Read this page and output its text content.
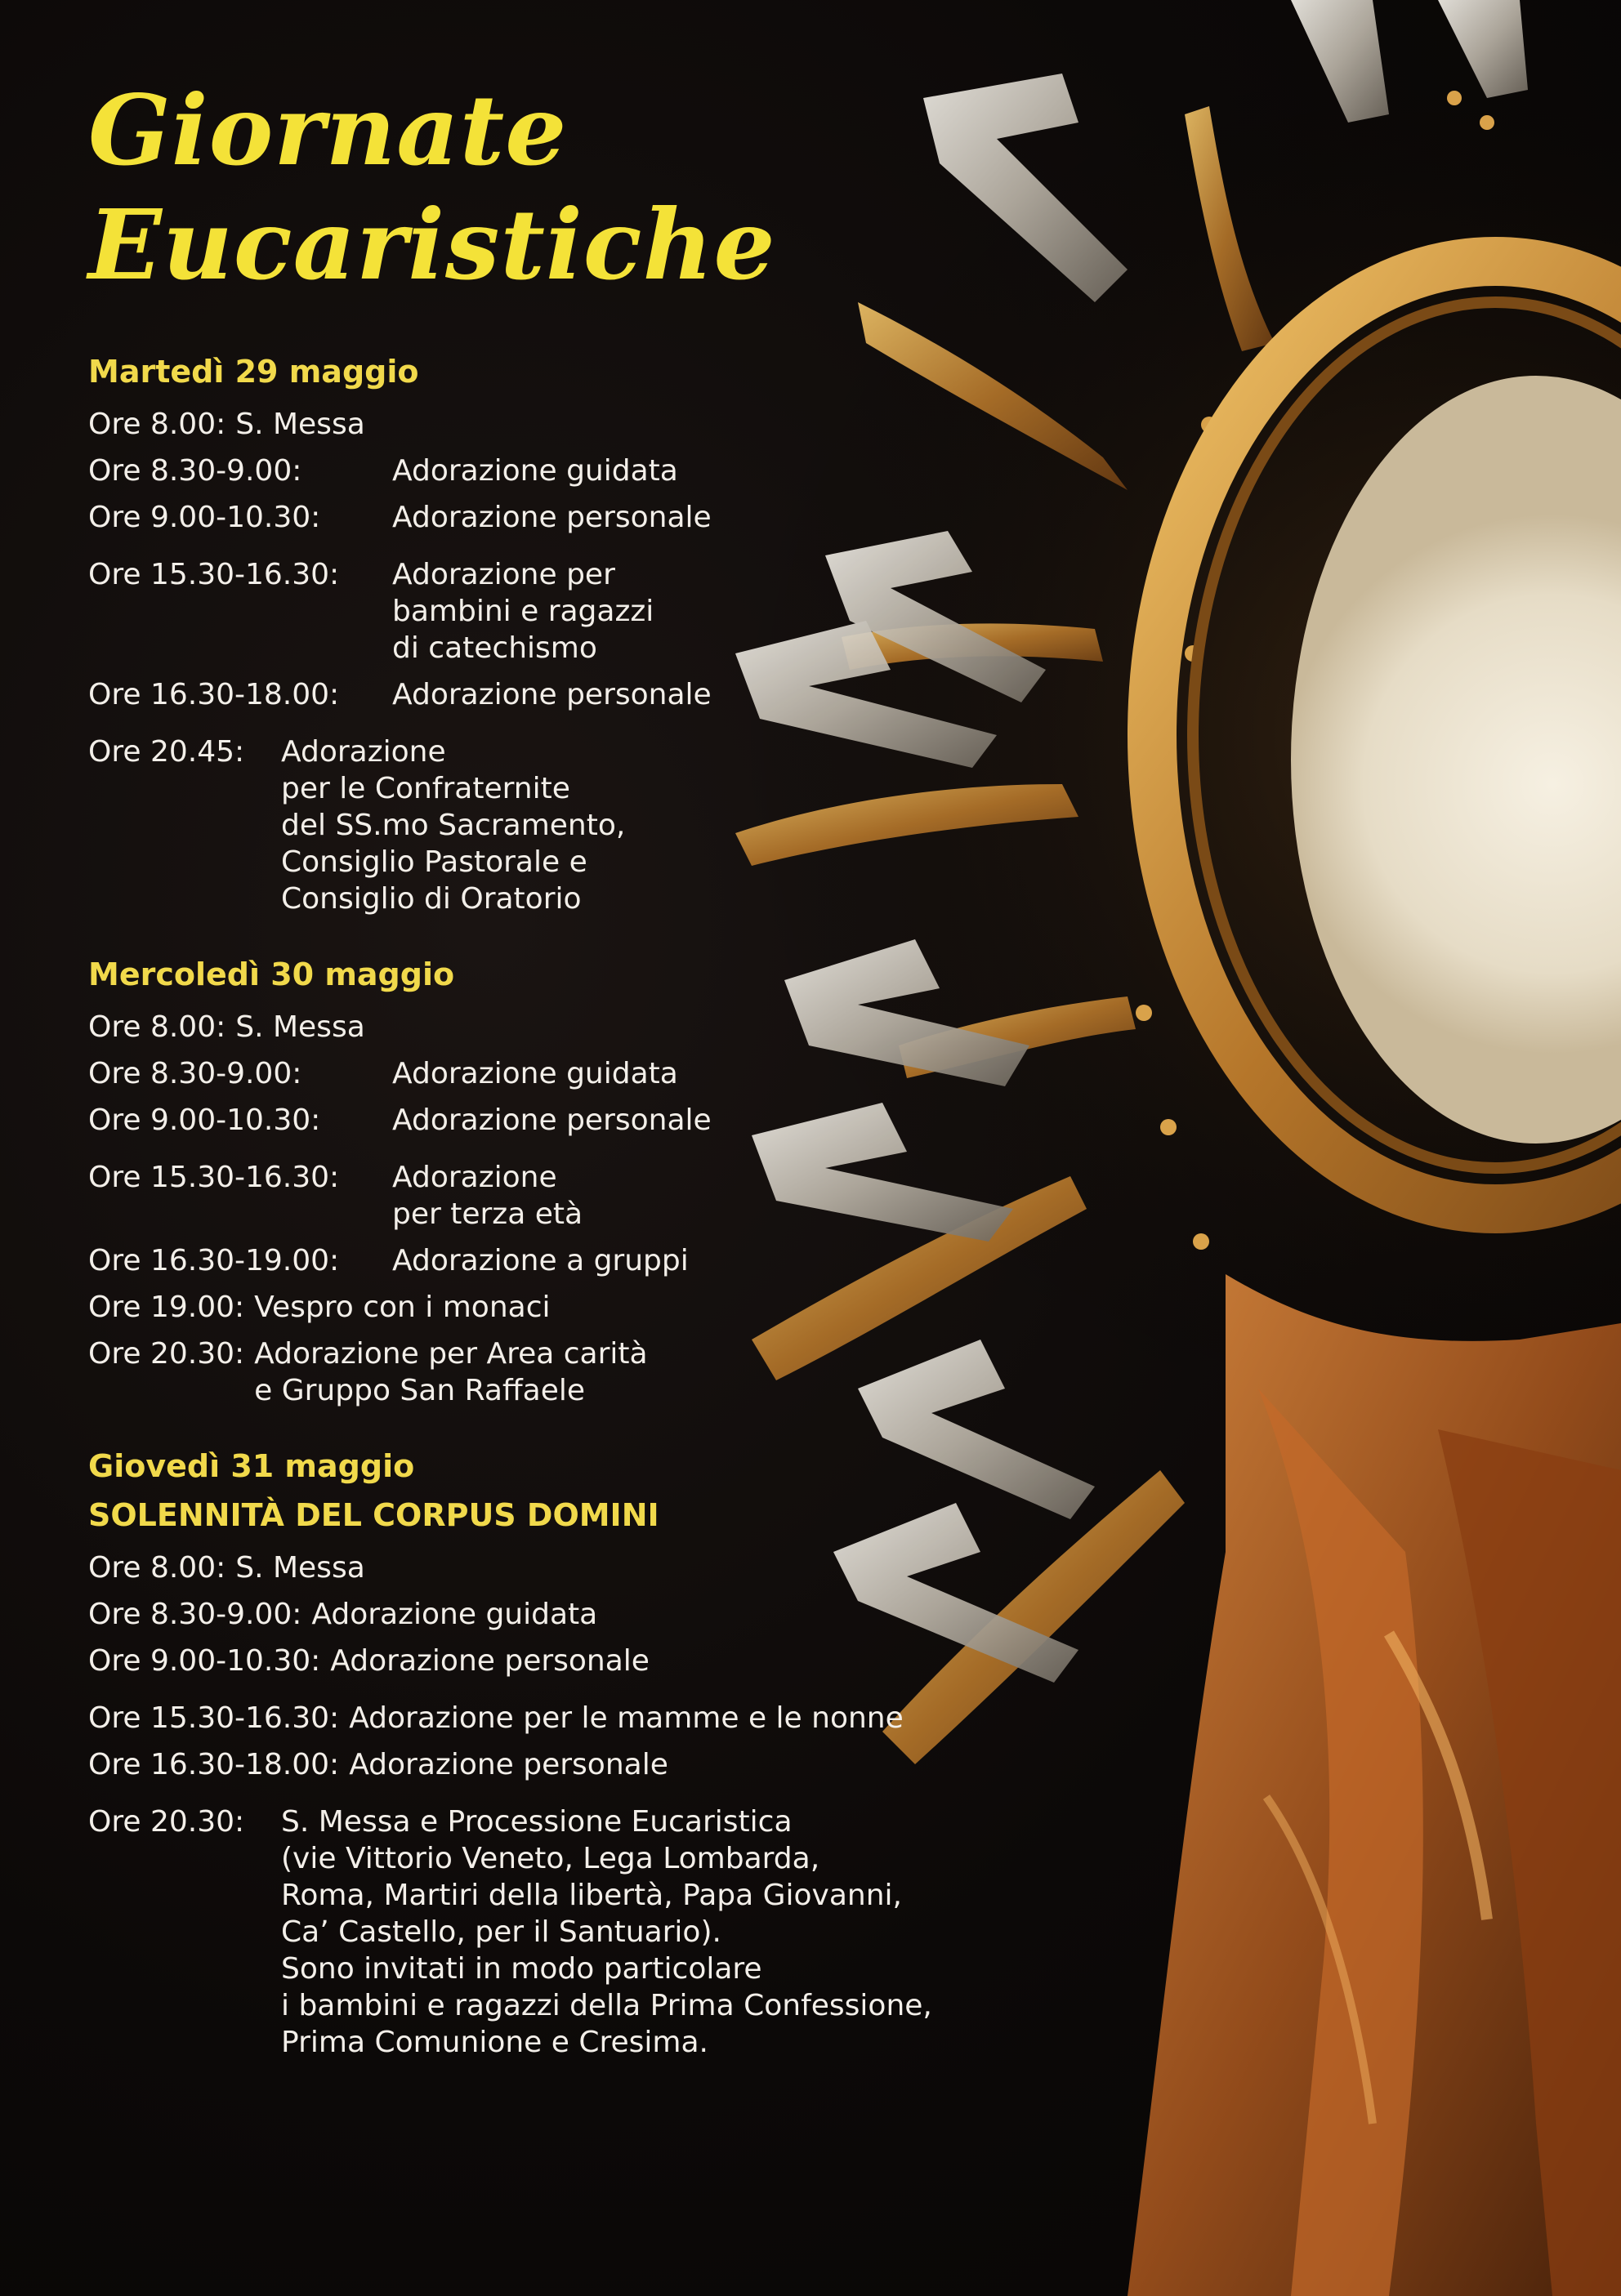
Giornate
Eucaristiche
Martedì 29 maggio
Ore 8.00: S. Messa
Ore 8.30-9.00:	Adorazione guidata
Ore 9.00-10.30:	Adorazione personale
Ore 15.30-16.30:	Adorazione per
bambini e ragazzi
di catechismo
Ore 16.30-18.00:	Adorazione personale
Ore 20.45:	Adorazione
per le Confraternite
del SS.mo Sacramento,
Consiglio Pastorale e
Consiglio di Oratorio
Mercoledì 30 maggio
Ore 8.00: S. Messa
Ore 8.30-9.00:	Adorazione guidata
Ore 9.00-10.30:	Adorazione personale
Ore 15.30-16.30:	Adorazione
per terza età
Ore 16.30-19.00:	Adorazione a gruppi
Ore 19.00: Vespro con i monaci
Ore 20.30: Adorazione per Area carità
e Gruppo San Raffaele
Giovedì 31 maggio
SOLENNITÀ DEL CORPUS DOMINI
Ore 8.00: S. Messa
Ore 8.30-9.00: Adorazione guidata
Ore 9.00-10.30: Adorazione personale
Ore 15.30-16.30: Adorazione per le mamme e le nonne
Ore 16.30-18.00: Adorazione personale
Ore 20.30:	S. Messa e Processione Eucaristica
(vie Vittorio Veneto, Lega Lombarda,
Roma, Martiri della libertà, Papa Giovanni,
Ca’ Castello, per il Santuario).
Sono invitati in modo particolare
i bambini e ragazzi della Prima Confessione,
Prima Comunione e Cresima.
